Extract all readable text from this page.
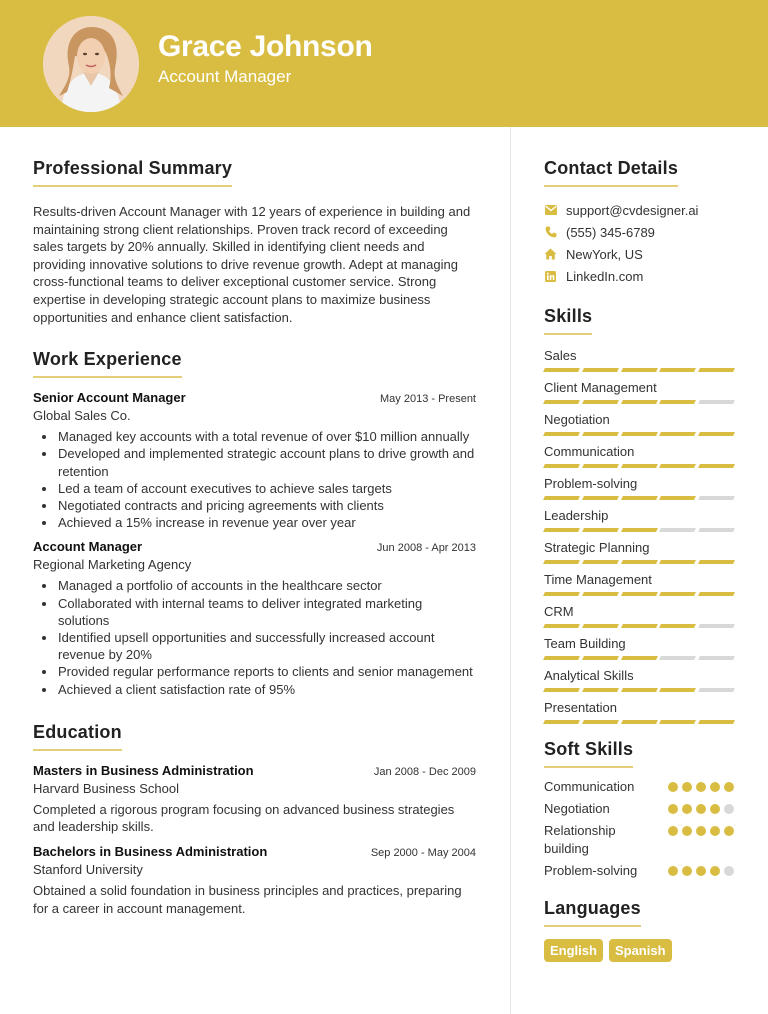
Grace Johnson
Account Manager
Professional Summary

Results-driven Account Manager with 12 years of experience in building and maintaining strong client relationships. Proven track record of exceeding sales targets by 20% annually. Skilled in identifying client needs and providing innovative solutions to drive revenue growth. Adept at managing cross-functional teams to deliver exceptional customer service. Strong expertise in developing strategic account plans to maximize business opportunities and enhance client satisfaction.

Work Experience
Senior Account Manager	May 2013 - Present
Global Sales Co.
• Managed key accounts with a total revenue of over $10 million annually
• Developed and implemented strategic account plans to drive growth and retention
• Led a team of account executives to achieve sales targets
• Negotiated contracts and pricing agreements with clients
• Achieved a 15% increase in revenue year over year
Account Manager	Jun 2008 - Apr 2013
Regional Marketing Agency
• Managed a portfolio of accounts in the healthcare sector
• Collaborated with internal teams to deliver integrated marketing solutions
• Identified upsell opportunities and successfully increased account revenue by 20%
• Provided regular performance reports to clients and senior management
• Achieved a client satisfaction rate of 95%
Education
Masters in Business Administration	Jan 2008 - Dec 2009
Harvard Business School

Completed a rigorous program focusing on advanced business strategies and leadership skills.

Bachelors in Business Administration	Sep 2000 - May 2004
Stanford University

Obtained a solid foundation in business principles and practices, preparing for a career in account management.

Contact Details
support@cvdesigner.ai
(555) 345-6789
NewYork, US
LinkedIn.com
Skills
Sales
Client Management
Negotiation
Communication
Problem-solving
Leadership
Strategic Planning
Time Management
CRM
Team Building
Analytical Skills
Presentation
Soft Skills
Communication
Negotiation
Relationship building
Problem-solving
Languages
English	Spanish
